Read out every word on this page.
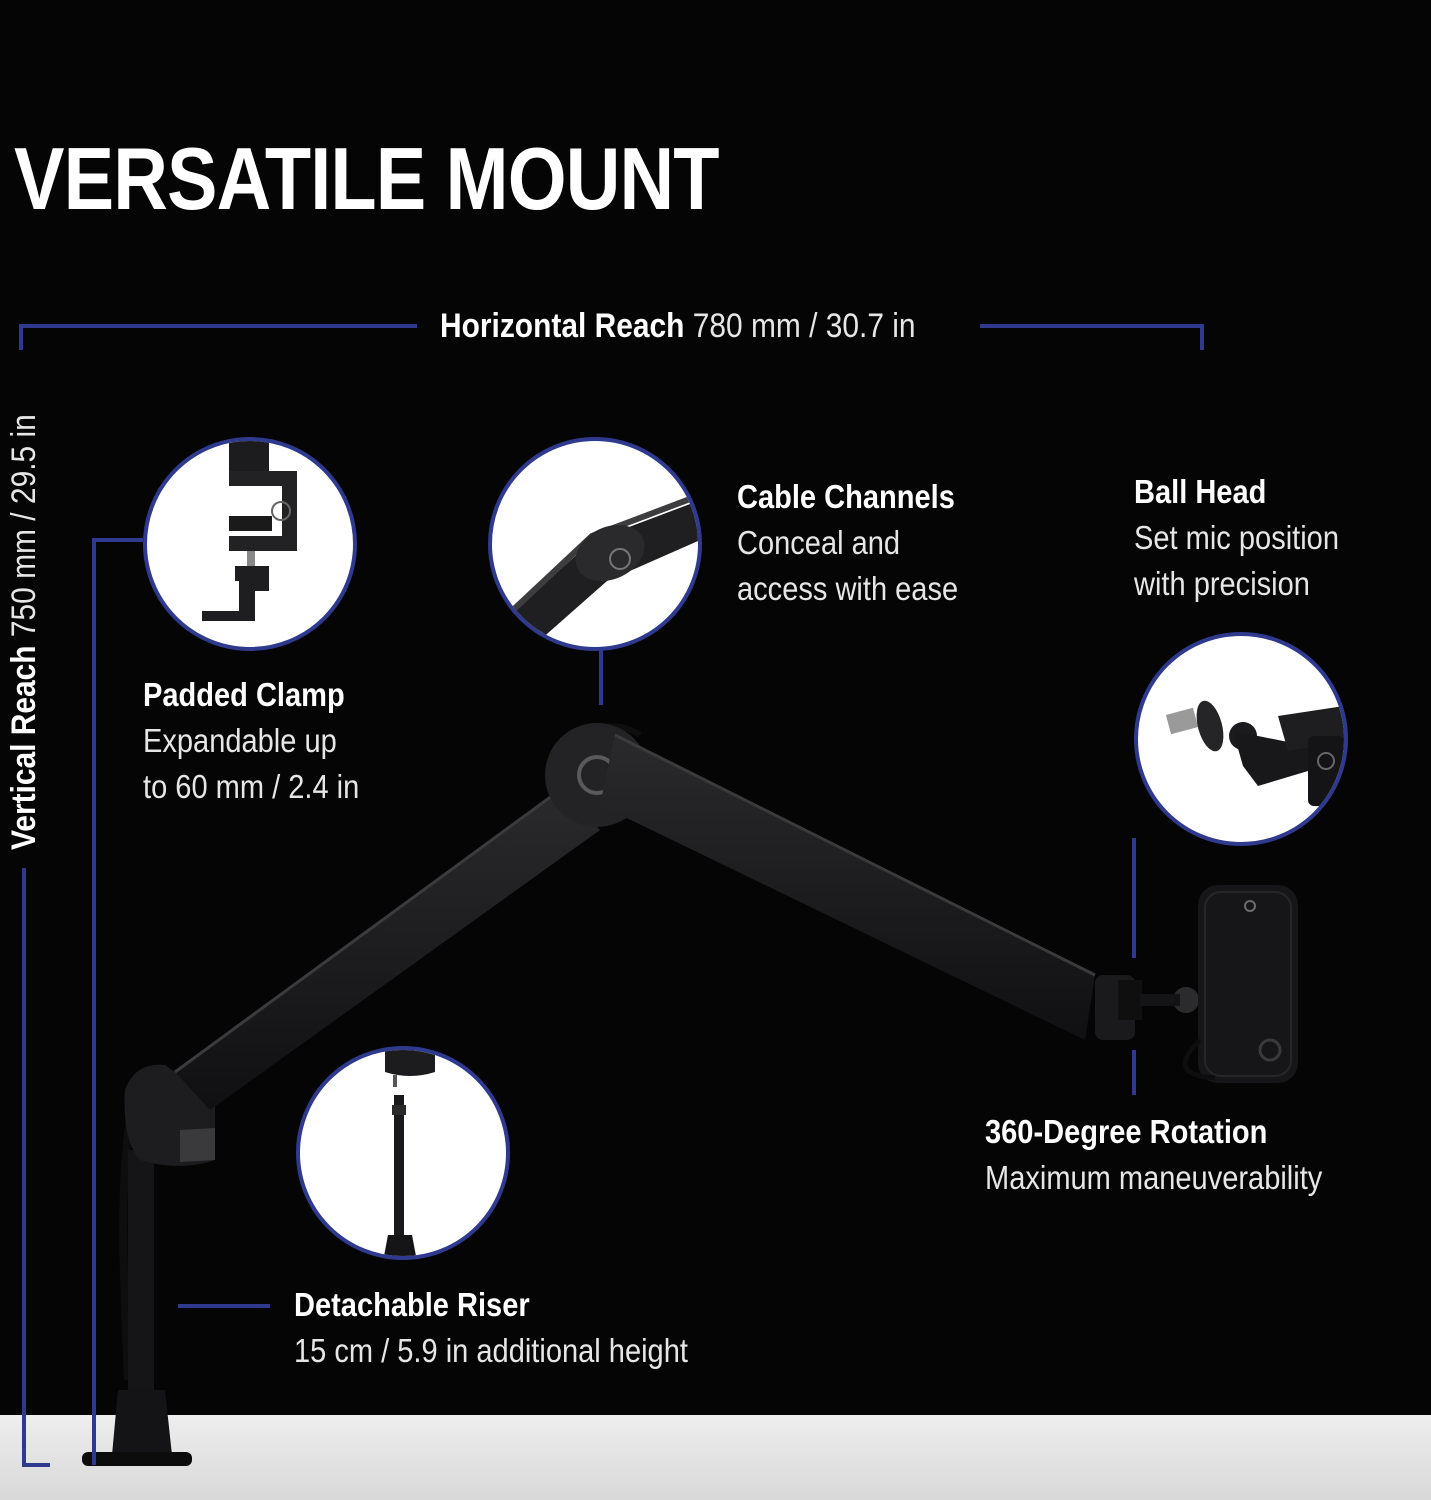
VERSATILE MOUNT
Horizontal Reach 780 mm / 30.7 in
Vertical Reach 750 mm / 29.5 in
Padded Clamp
Expandable up
to 60 mm / 2.4 in
Cable Channels
Conceal and
access with ease
Ball Head
Set mic position
with precision
360-Degree Rotation
Maximum maneuverability
Detachable Riser
15 cm / 5.9 in additional height
